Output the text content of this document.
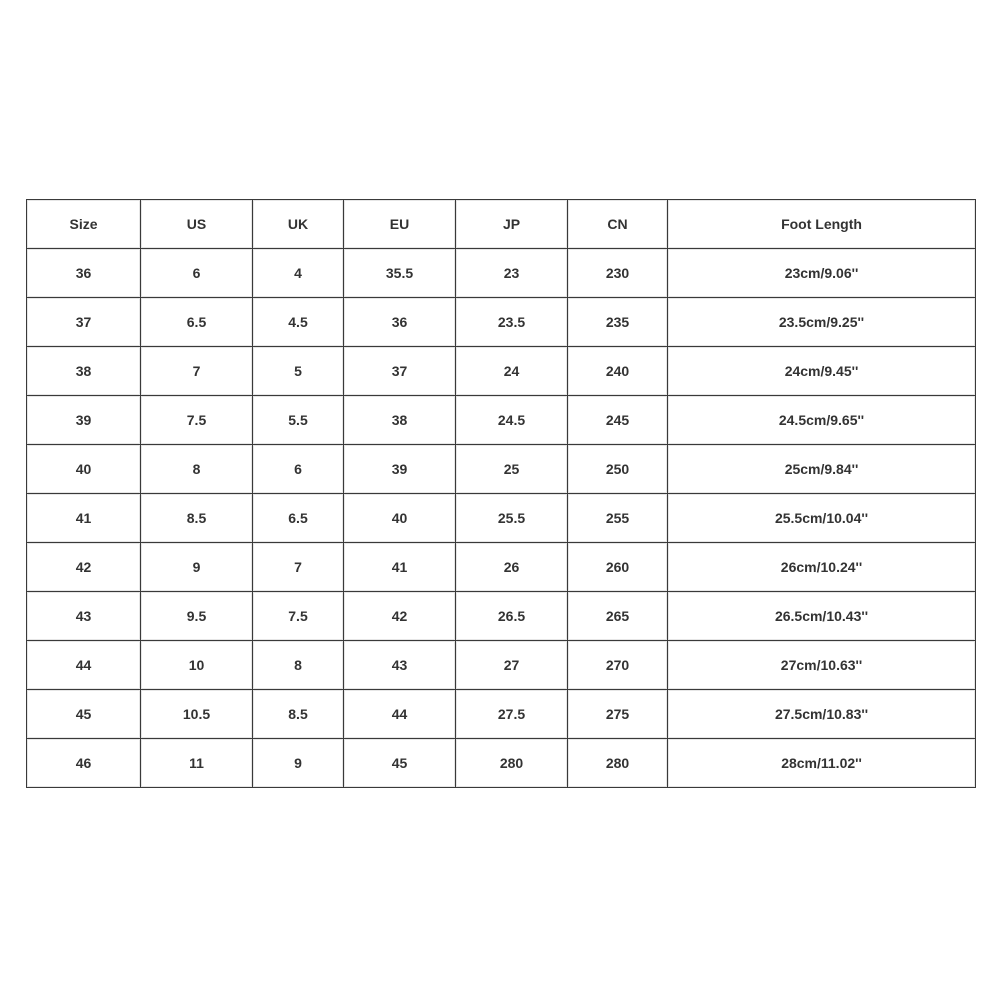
Size	US	UK	EU	JP	CN	Foot Length
36	6	4	35.5	23	230	23cm/9.06''
37	6.5	4.5	36	23.5	235	23.5cm/9.25''
38	7	5	37	24	240	24cm/9.45''
39	7.5	5.5	38	24.5	245	24.5cm/9.65''
40	8	6	39	25	250	25cm/9.84''
41	8.5	6.5	40	25.5	255	25.5cm/10.04''
42	9	7	41	26	260	26cm/10.24''
43	9.5	7.5	42	26.5	265	26.5cm/10.43''
44	10	8	43	27	270	27cm/10.63''
45	10.5	8.5	44	27.5	275	27.5cm/10.83''
46	11	9	45	280	280	28cm/11.02''
